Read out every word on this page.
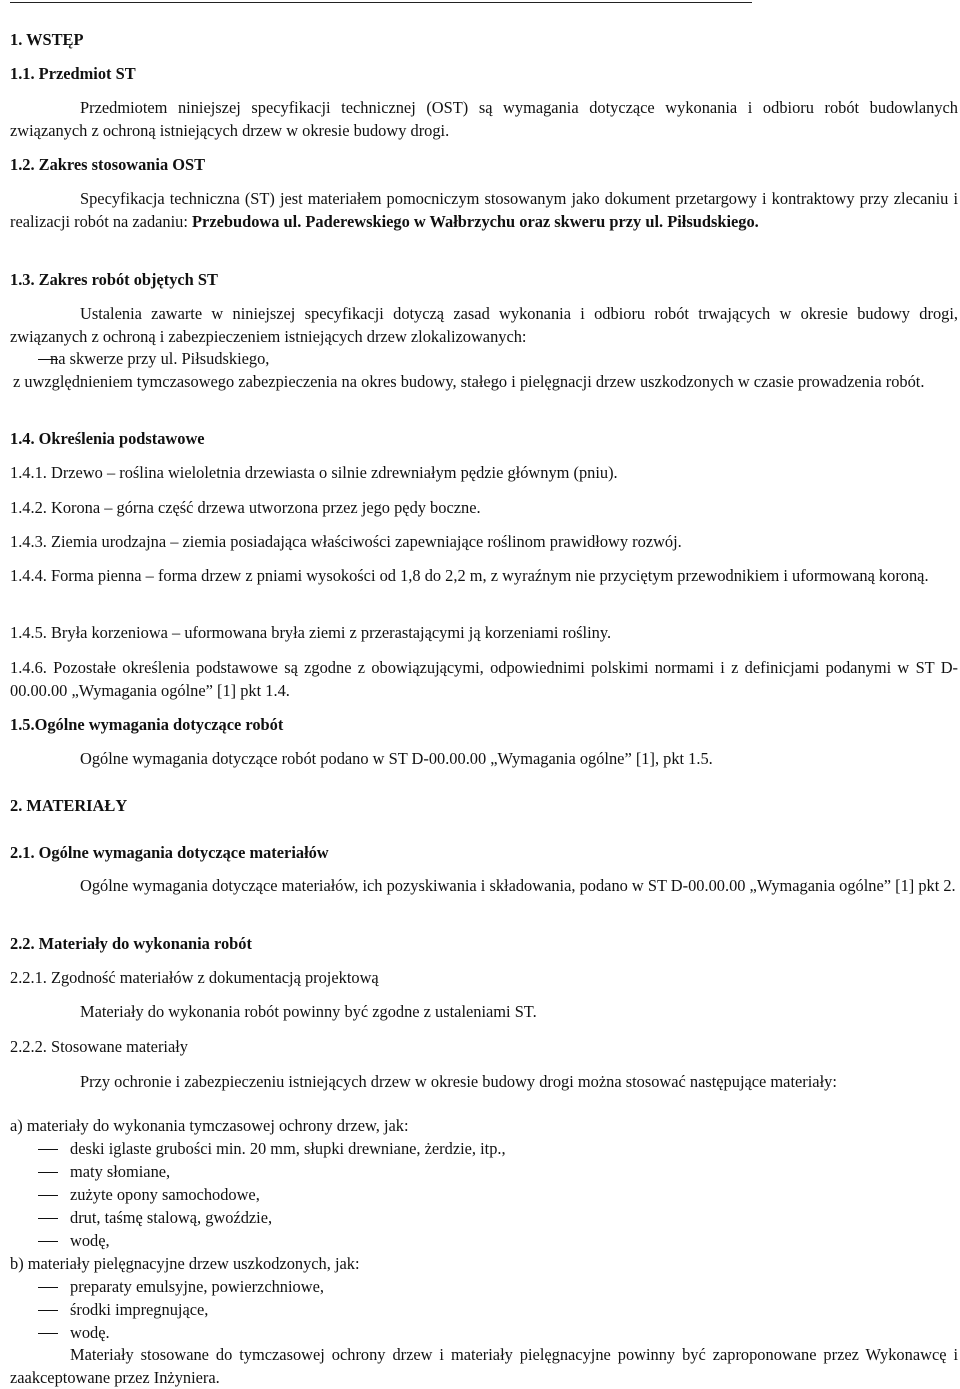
1. WSTĘP
1.1. Przedmiot ST
Przedmiotem niniejszej specyfikacji technicznej (OST) są wymagania dotyczące wykonania i odbioru robót budowlanych związanych z ochroną istniejących drzew w okresie budowy drogi.
1.2. Zakres stosowania OST
Specyfikacja techniczna (ST) jest materiałem pomocniczym stosowanym jako dokument przetargowy i kontraktowy przy zlecaniu i realizacji robót na zadaniu: Przebudowa ul. Paderewskiego w Wałbrzychu oraz skweru przy ul. Piłsudskiego.
1.3. Zakres robót objętych ST
Ustalenia zawarte w niniejszej specyfikacji dotyczą zasad wykonania i odbioru robót trwających w okresie budowy drogi, związanych z ochroną i zabezpieczeniem istniejących drzew zlokalizowanych:
na skwerze przy ul. Piłsudskiego,
z uwzględnieniem tymczasowego zabezpieczenia na okres budowy, stałego i pielęgnacji drzew uszkodzonych w czasie prowadzenia robót.
1.4. Określenia podstawowe
1.4.1. Drzewo – roślina wieloletnia drzewiasta o silnie zdrewniałym pędzie głównym (pniu).
1.4.2. Korona – górna część drzewa utworzona przez jego pędy boczne.
1.4.3. Ziemia urodzajna – ziemia posiadająca właściwości zapewniające roślinom prawidłowy rozwój.
1.4.4. Forma pienna – forma drzew z pniami wysokości od 1,8 do 2,2 m, z wyraźnym nie przyciętym przewodnikiem i uformowaną koroną.
1.4.5. Bryła korzeniowa – uformowana bryła ziemi z przerastającymi ją korzeniami rośliny.
1.4.6. Pozostałe określenia podstawowe są zgodne z obowiązującymi, odpowiednimi polskimi normami i z definicjami podanymi w ST D-00.00.00 „Wymagania ogólne” [1] pkt 1.4.
1.5.Ogólne wymagania dotyczące robót
Ogólne wymagania dotyczące robót podano w ST D-00.00.00 „Wymagania ogólne” [1], pkt 1.5.
2. MATERIAŁY
2.1. Ogólne wymagania dotyczące materiałów
Ogólne wymagania dotyczące materiałów, ich pozyskiwania i składowania, podano w ST D-00.00.00 „Wymagania ogólne” [1] pkt 2.
2.2. Materiały do wykonania robót
2.2.1. Zgodność materiałów z dokumentacją projektową
Materiały do wykonania robót powinny być zgodne z ustaleniami ST.
2.2.2. Stosowane materiały
Przy ochronie i zabezpieczeniu istniejących drzew w okresie budowy drogi można stosować następujące materiały:
a) materiały do wykonania tymczasowej ochrony drzew, jak:
deski iglaste grubości min. 20 mm, słupki drewniane, żerdzie, itp.,
maty słomiane,
zużyte opony samochodowe,
drut, taśmę stalową, gwoździe,
wodę,
b) materiały pielęgnacyjne drzew uszkodzonych, jak:
preparaty emulsyjne, powierzchniowe,
środki impregnujące,
wodę.
Materiały stosowane do tymczasowej ochrony drzew i materiały pielęgnacyjne powinny być zaproponowane przez Wykonawcę i zaakceptowane przez Inżyniera.
